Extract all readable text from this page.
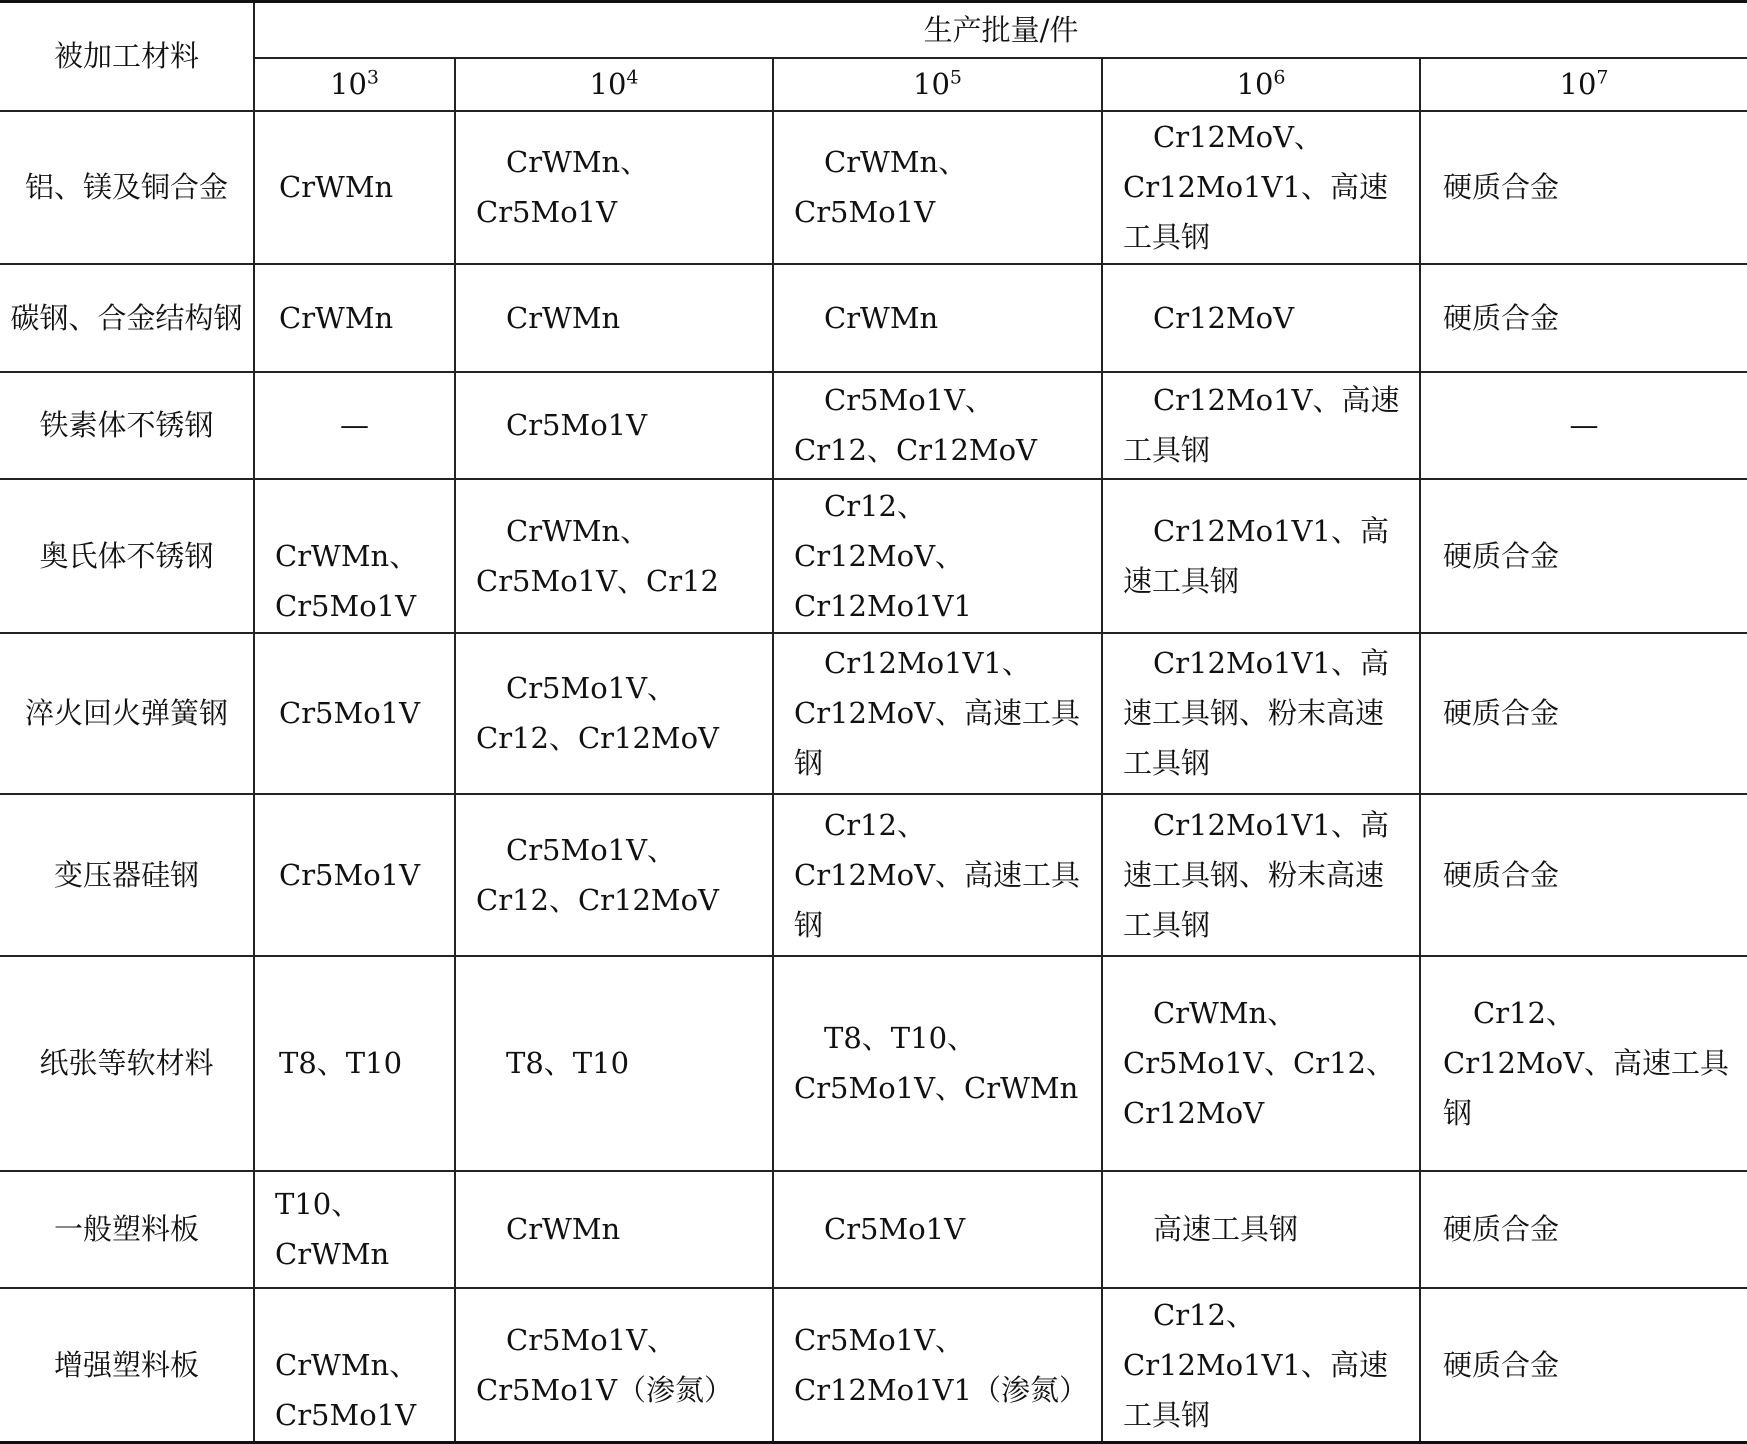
被加工材料	生产批量/件				
	$10^3$	$10^4$	$10^5$	$10^6$	$10^7$
铝、镁及铜合金	CrWMn	CrWMn、Cr5Mo1V	CrWMn、Cr5Mo1V	Cr12MoV、Cr12Mo1V1、高速工具钢	硬质合金
碳钢、合金结构钢	CrWMn	CrWMn	CrWMn	Cr12MoV	硬质合金
铁素体不锈钢	—	Cr5Mo1V	Cr5Mo1V、Cr12、Cr12MoV	Cr12Mo1V、高速工具钢	—
奥氏体不锈钢	CrWMn、Cr5Mo1V	CrWMn、Cr5Mo1V、Cr12	Cr12、Cr12MoV、Cr12Mo1V1	Cr12Mo1V1、高速工具钢	硬质合金
淬火回火弹簧钢	Cr5Mo1V	Cr5Mo1V、Cr12、Cr12MoV	Cr12Mo1V1、Cr12MoV、高速工具钢	Cr12Mo1V1、高速工具钢、粉末高速工具钢	硬质合金
变压器硅钢	Cr5Mo1V	Cr5Mo1V、Cr12、Cr12MoV	Cr12、Cr12MoV、高速工具钢	Cr12Mo1V1、高速工具钢、粉末高速工具钢	硬质合金
纸张等软材料	T8、T10	T8、T10	T8、T10、Cr5Mo1V、CrWMn	CrWMn、Cr5Mo1V、Cr12、Cr12MoV	Cr12、Cr12MoV、高速工具钢
一般塑料板	T10、CrWMn	CrWMn	Cr5Mo1V	高速工具钢	硬质合金
增强塑料板	CrWMn、Cr5Mo1V	Cr5Mo1V、Cr5Mo1V（渗氮）	Cr5Mo1V、Cr12Mo1V1（渗氮）	Cr12、Cr12Mo1V1、高速工具钢	硬质合金
